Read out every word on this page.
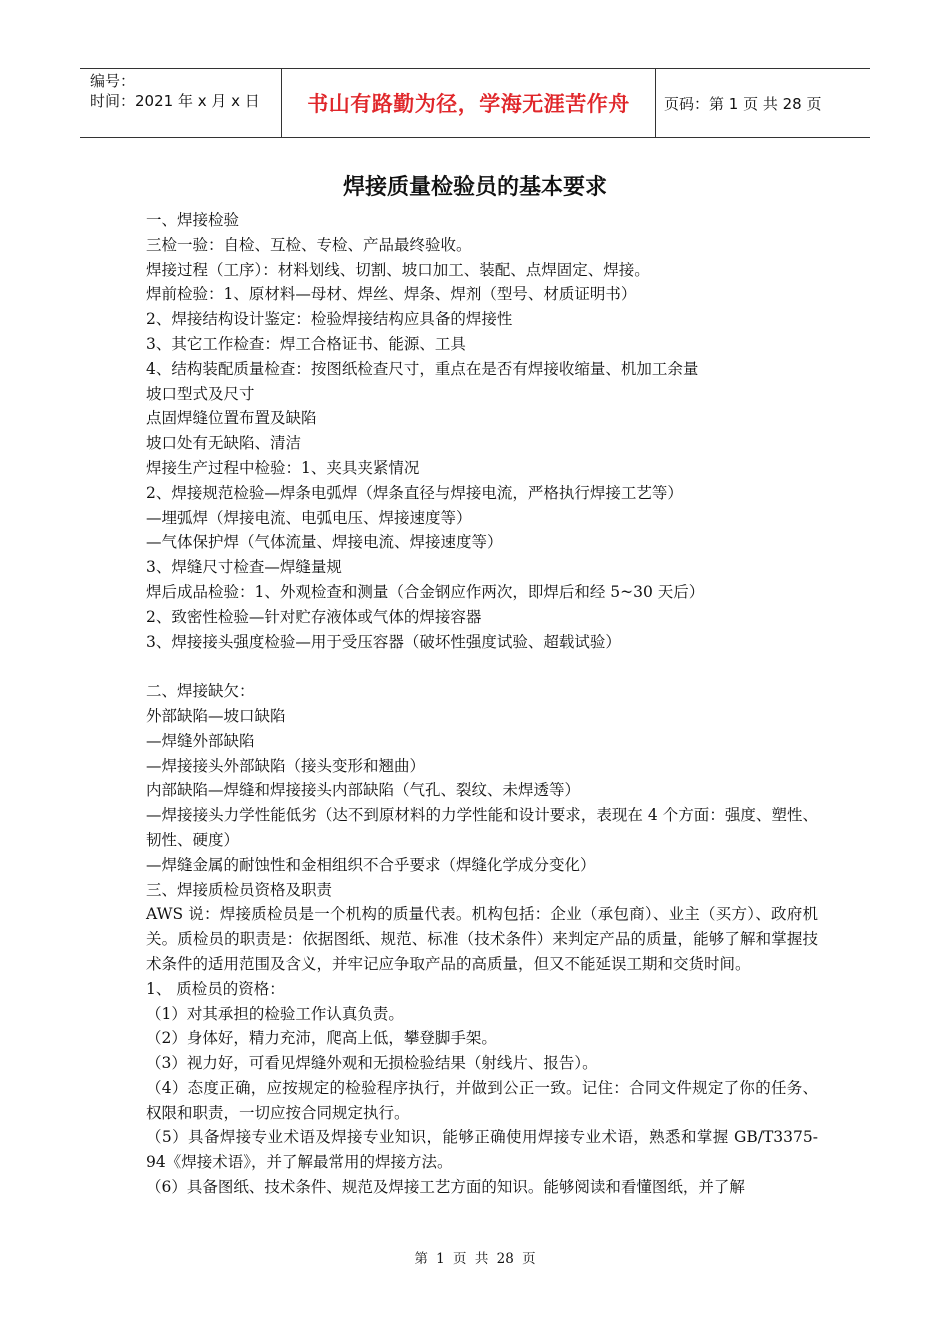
编号：
时间：2021 年 x 月 x 日	书山有路勤为径，学海无涯苦作舟	页码：第 1 页 共 28 页
焊接质量检验员的基本要求

一、焊接检验

三检一验：自检、互检、专检、产品最终验收。

焊接过程（工序）：材料划线、切割、坡口加工、装配、点焊固定、焊接。

焊前检验：1、原材料—母材、焊丝、焊条、焊剂（型号、材质证明书）

2、焊接结构设计鉴定：检验焊接结构应具备的焊接性

3、其它工作检查：焊工合格证书、能源、工具

4、结构装配质量检查：按图纸检查尺寸，重点在是否有焊接收缩量、机加工余量

坡口型式及尺寸

点固焊缝位置布置及缺陷

坡口处有无缺陷、清洁

焊接生产过程中检验：1、夹具夹紧情况

2、焊接规范检验—焊条电弧焊（焊条直径与焊接电流，严格执行焊接工艺等）

—埋弧焊（焊接电流、电弧电压、焊接速度等）

—气体保护焊（气体流量、焊接电流、焊接速度等）

3、焊缝尺寸检查—焊缝量规

焊后成品检验：1、外观检查和测量（合金钢应作两次，即焊后和经 5~30 天后）

2、致密性检验—针对贮存液体或气体的焊接容器

3、焊接接头强度检验—用于受压容器（破坏性强度试验、超载试验）

二、焊接缺欠：

外部缺陷—坡口缺陷

—焊缝外部缺陷

—焊接接头外部缺陷（接头变形和翘曲）

内部缺陷—焊缝和焊接接头内部缺陷（气孔、裂纹、未焊透等）

—焊接接头力学性能低劣（达不到原材料的力学性能和设计要求，表现在 4 个方面：强度、塑性、韧性、硬度）

—焊缝金属的耐蚀性和金相组织不合乎要求（焊缝化学成分变化）

三、焊接质检员资格及职责

AWS 说：焊接质检员是一个机构的质量代表。机构包括：企业（承包商）、业主（买方）、政府机关。质检员的职责是：依据图纸、规范、标准（技术条件）来判定产品的质量，能够了解和掌握技术条件的适用范围及含义，并牢记应争取产品的高质量，但又不能延误工期和交货时间。

1、 质检员的资格：

（1）对其承担的检验工作认真负责。

（2）身体好，精力充沛，爬高上低，攀登脚手架。

（3）视力好，可看见焊缝外观和无损检验结果（射线片、报告）。

（4）态度正确，应按规定的检验程序执行，并做到公正一致。记住：合同文件规定了你的任务、权限和职责，一切应按合同规定执行。

（5）具备焊接专业术语及焊接专业知识，能够正确使用焊接专业术语，熟悉和掌握 GB/T3375-94《焊接术语》，并了解最常用的焊接方法。

（6）具备图纸、技术条件、规范及焊接工艺方面的知识。能够阅读和看懂图纸，并了解

第 1 页 共 28 页
